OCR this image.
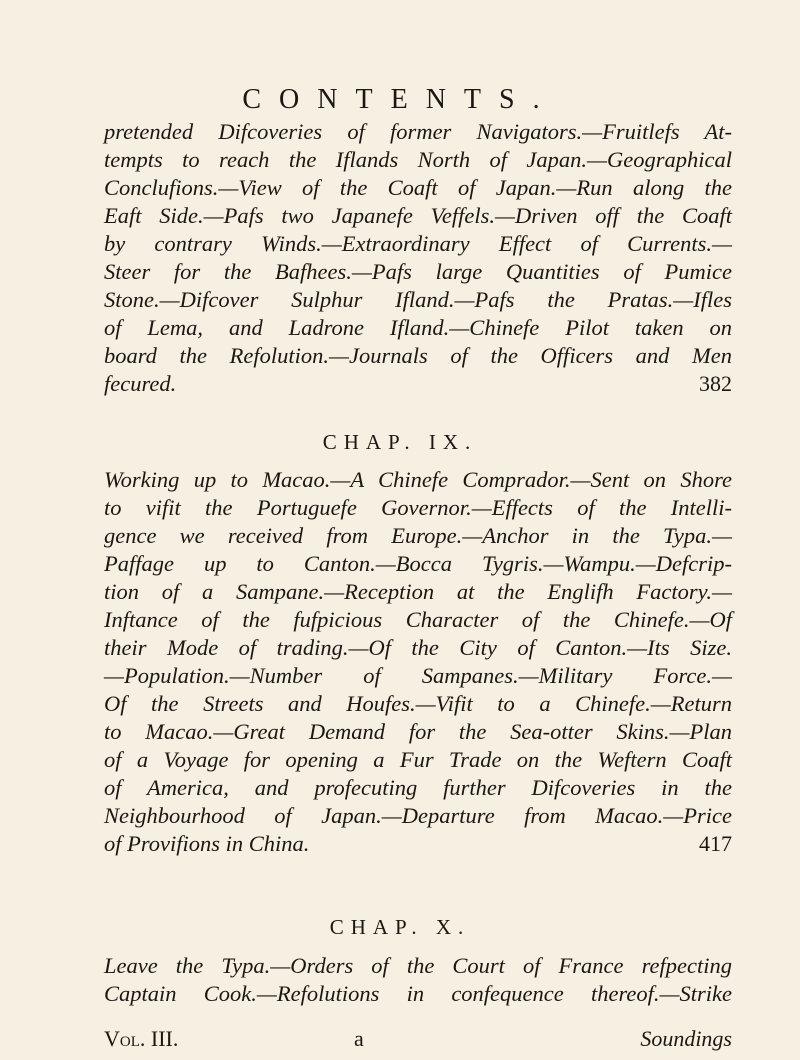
CONTENTS.
pretended Difcoveries of former Navigators.—Fruitlefs At-
tempts to reach the Iflands North of Japan.—Geographical
Conclufions.—View of the Coaft of Japan.—Run along the
Eaft Side.—Pafs two Japanefe Veffels.—Driven off the Coaft
by contrary Winds.—Extraordinary Effect of Currents.—
Steer for the Bafhees.—Pafs large Quantities of Pumice
Stone.—Difcover Sulphur Ifland.—Pafs the Pratas.—Ifles
of Lema, and Ladrone Ifland.—Chinefe Pilot taken on
board the Refolution.—Journals of the Officers and Men
fecured.	382
CHAP. IX.
Working up to Macao.—A Chinefe Comprador.—Sent on Shore
to vifit the Portuguefe Governor.—Effects of the Intelli-
gence we received from Europe.—Anchor in the Typa.—
Paffage up to Canton.—Bocca Tygris.—Wampu.—Defcrip-
tion of a Sampane.—Reception at the Englifh Factory.—
Inftance of the fufpicious Character of the Chinefe.—Of
their Mode of trading.—Of the City of Canton.—Its Size.
—Population.—Number of Sampanes.—Military Force.—
Of the Streets and Houfes.—Vifit to a Chinefe.—Return
to Macao.—Great Demand for the Sea-otter Skins.—Plan
of a Voyage for opening a Fur Trade on the Weftern Coaft
of America, and profecuting further Difcoveries in the
Neighbourhood of Japan.—Departure from Macao.—Price
of Provifions in China.	417
CHAP. X.
Leave the Typa.—Orders of the Court of France refpecting
Captain Cook.—Refolutions in confequence thereof.—Strike
Vol. III.	a	Soundings
